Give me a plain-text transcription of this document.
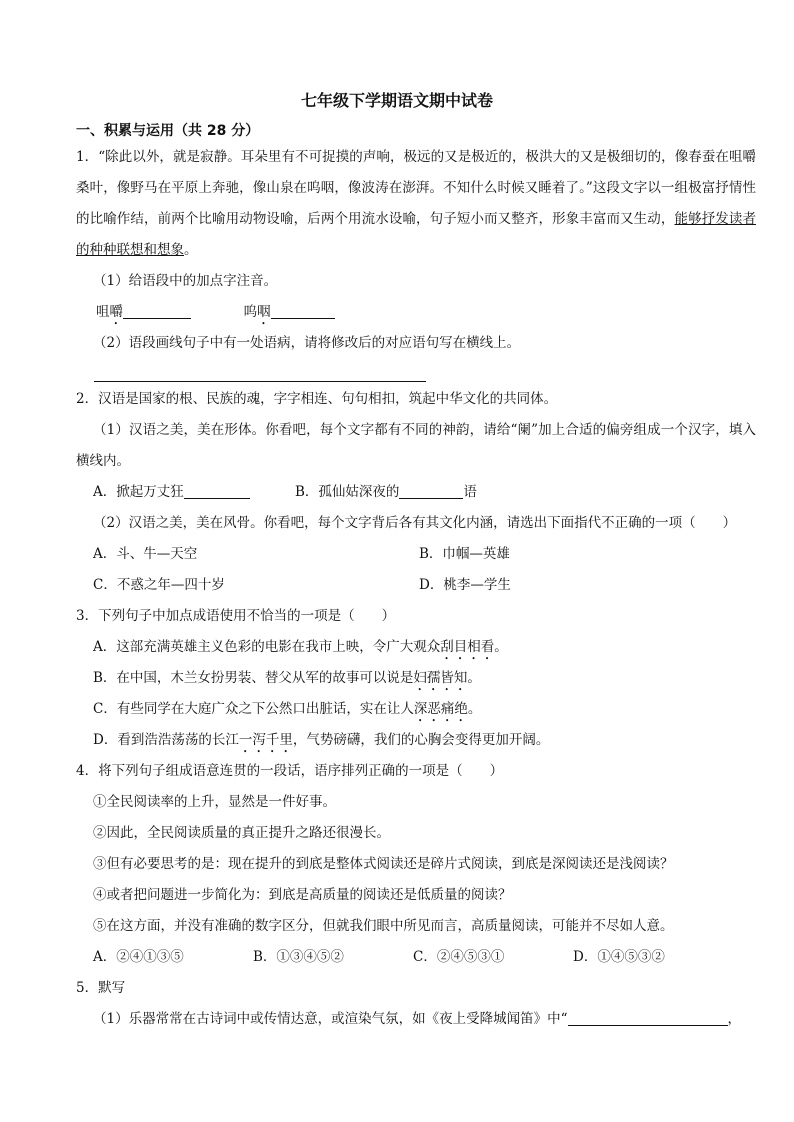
七年级下学期语文期中试卷
一、积累与运用（共 28 分）

1．“除此以外，就是寂静。耳朵里有不可捉摸的声响，极远的又是极近的，极洪大的又是极细切的，像春蚕在咀嚼桑叶，像野马在平原上奔驰，像山泉在呜咽，像波涛在澎湃。不知什么时候又睡着了。”这段文字以一组极富抒情性的比喻作结，前两个比喻用动物设喻，后两个用流水设喻，句子短小而又整齐，形象丰富而又生动，能够抒发读者的种种联想和想象。

（1）给语段中的加点字注音。

咀嚼	呜咽

（2）语段画线句子中有一处语病，请将修改后的对应语句写在横线上。

2．汉语是国家的根、民族的魂，字字相连、句句相扣，筑起中华文化的共同体。

（1）汉语之美，美在形体。你看吧，每个文字都有不同的神韵，请给“阑”加上合适的偏旁组成一个汉字，填入横线内。

A．掀起万丈狂	B．孤仙姑深夜的	语

（2）汉语之美，美在风骨。你看吧，每个文字背后各有其文化内涵，请选出下面指代不正确的一项（　　）

A．斗、牛—天空	B．巾帼—英雄
C．不惑之年—四十岁	D．桃李—学生

3．下列句子中加点成语使用不恰当的一项是（　　）

A．这部充满英雄主义色彩的电影在我市上映，令广大观众刮目相看。

B．在中国，木兰女扮男装、替父从军的故事可以说是妇孺皆知。

C．有些同学在大庭广众之下公然口出脏话，实在让人深恶痛绝。

D．看到浩浩荡荡的长江一泻千里，气势磅礴，我们的心胸会变得更加开阔。

4．将下列句子组成语意连贯的一段话，语序排列正确的一项是（　　）

①全民阅读率的上升，显然是一件好事。

②因此，全民阅读质量的真正提升之路还很漫长。

③但有必要思考的是：现在提升的到底是整体式阅读还是碎片式阅读，到底是深阅读还是浅阅读？

④或者把问题进一步简化为：到底是高质量的阅读还是低质量的阅读？

⑤在这方面，并没有准确的数字区分，但就我们眼中所见而言，高质量阅读，可能并不尽如人意。

A．②④①③⑤	B．①③④⑤②	C．②④⑤③①	D．①④⑤③②

5．默写

（1）乐器常常在古诗词中或传情达意，或渲染气氛，如《夜上受降城闻笛》中“	，
